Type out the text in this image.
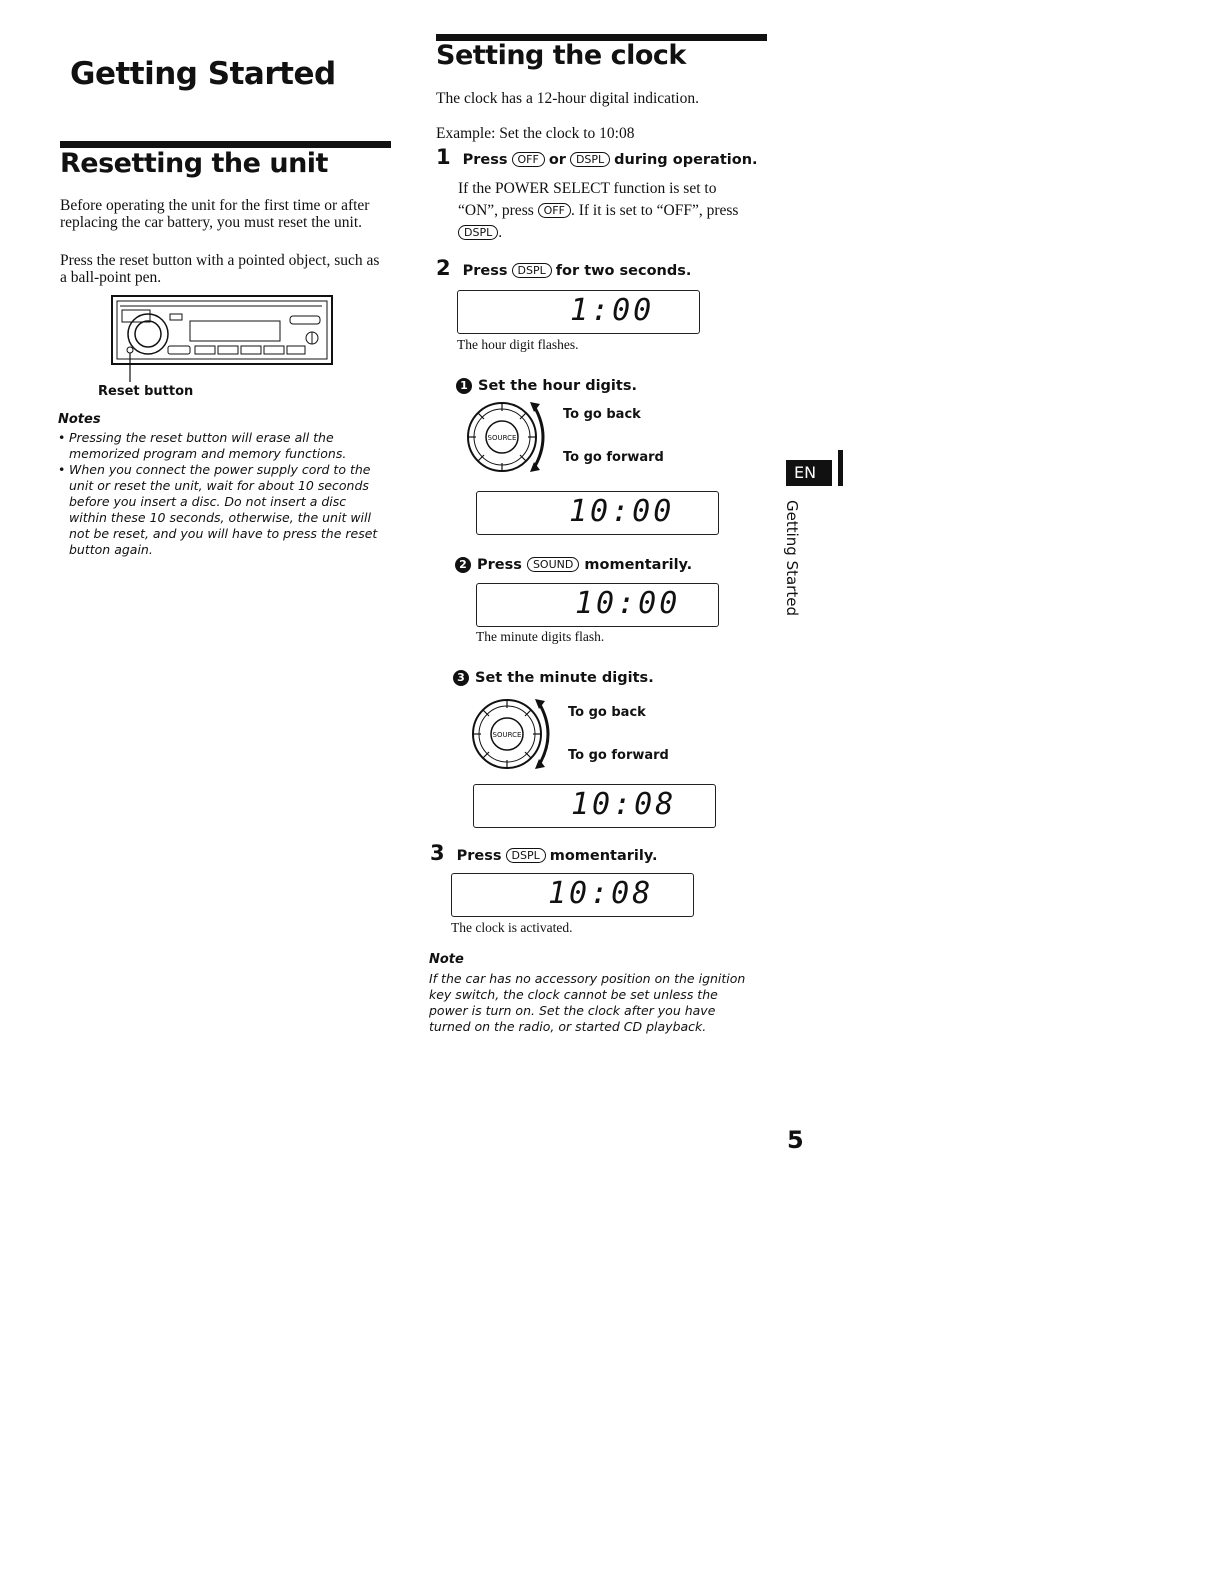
Getting Started
Resetting the unit
Before operating the unit for the first time or after replacing the car battery, you must reset the unit.
Press the reset button with a pointed object, such as a ball-point pen.
Reset button
Notes
• Pressing the reset button will erase all the memorized program and memory functions.
• When you connect the power supply cord to the unit or reset the unit, wait for about 10 seconds before you insert a disc. Do not insert a disc within these 10 seconds, otherwise, the unit will not be reset, and you will have to press the reset button again.
Setting the clock
The clock has a 12-hour digital indication.
Example: Set the clock to 10:08
1 Press OFF or DSPL during operation.
If the POWER SELECT function is set to “ON”, press OFF . If it is set to “OFF”, press DSPL .
2 Press DSPL for two seconds.
1:00
The hour digit flashes.
1 Set the hour digits.
SOURCE
To go back
To go forward
10:00
2 Press SOUND momentarily.
10:00
The minute digits flash.
3 Set the minute digits.
SOURCE
To go back
To go forward
10:08
3 Press DSPL momentarily.
10:08
The clock is activated.
Note
If the car has no accessory position on the ignition key switch, the clock cannot be set unless the power is turn on. Set the clock after you have turned on the radio, or started CD playback.
EN
Getting Started
5
